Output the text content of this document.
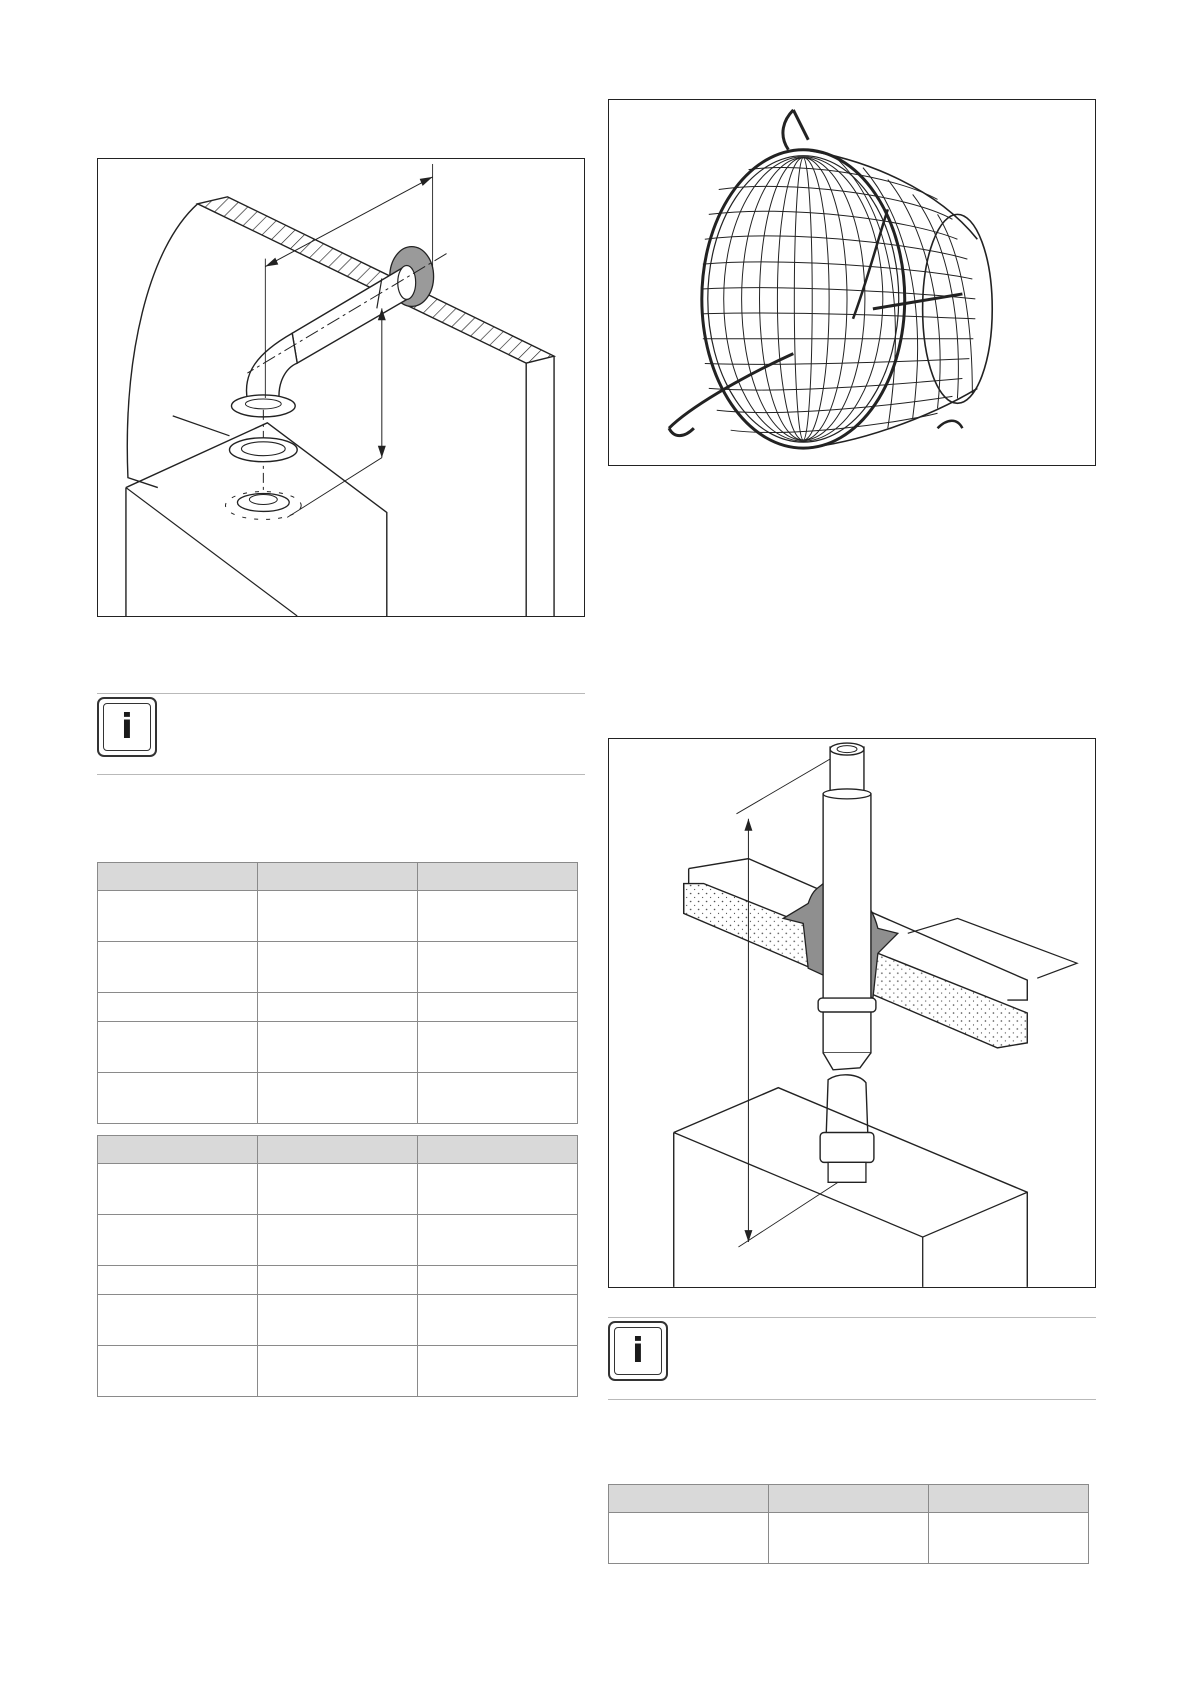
i

i
